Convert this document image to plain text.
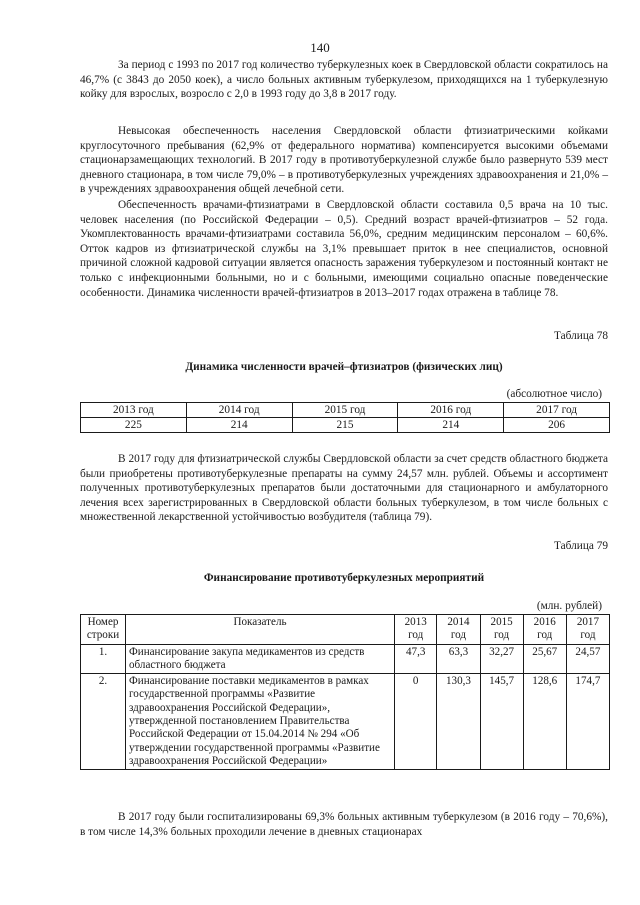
140

За период с 1993 по 2017 год количество туберкулезных коек в Свердловской области сократилось на 46,7% (с 3843 до 2050 коек), а число больных активным туберкулезом, приходящихся на 1 туберкулезную койку для взрослых, возросло с 2,0 в 1993 году до 3,8 в 2017 году.

Невысокая обеспеченность населения Свердловской области фтизиатрическими койками круглосуточного пребывания (62,9% от федерального норматива) компенсируется высокими объемами стационарзамещающих технологий. В 2017 году в противотуберкулезной службе было развернуто 539 мест дневного стационара, в том числе 79,0% – в противотуберкулезных учреждениях здравоохранения и 21,0% – в учреждениях здравоохранения общей лечебной сети.

Обеспеченность врачами-фтизиатрами в Свердловской области составила 0,5 врача на 10 тыс. человек населения (по Российской Федерации – 0,5). Средний возраст врачей-фтизиатров – 52 года. Укомплектованность врачами-фтизиатрами составила 56,0%, средним медицинским персоналом – 60,6%. Отток кадров из фтизиатрической службы на 3,1% превышает приток в нее специалистов, основной причиной сложной кадровой ситуации является опасность заражения туберкулезом и постоянный контакт не только с инфекционными больными, но и с больными, имеющими социально опасные поведенческие особенности. Динамика численности врачей-фтизиатров в 2013–2017 годах отражена в таблице 78.

Таблица 78
Динамика численности врачей–фтизиатров (физических лиц)
(абсолютное число)
2013 год	2014 год	2015 год	2016 год	2017 год
225	214	215	214	206

В 2017 году для фтизиатрической службы Свердловской области за счет средств областного бюджета были приобретены противотуберкулезные препараты на сумму 24,57 млн. рублей. Объемы и ассортимент полученных противотуберкулезных препаратов были достаточными для стационарного и амбулаторного лечения всех зарегистрированных в Свердловской области больных туберкулезом, в том числе больных с множественной лекарственной устойчивостью возбудителя (таблица 79).

Таблица 79
Финансирование противотуберкулезных мероприятий
(млн. рублей)
Номер строки	Показатель	2013 год	2014 год	2015 год	2016 год	2017 год
1.	Финансирование закупа медикаментов из средств областного бюджета	47,3	63,3	32,27	25,67	24,57
2.	Финансирование поставки медикаментов в рамках государственной программы «Развитие здравоохранения Российской Федерации», утвержденной постановлением Правительства Российской Федерации от 15.04.2014 № 294 «Об утверждении государственной программы «Развитие здравоохранения Российской Федерации»	0	130,3	145,7	128,6	174,7

В 2017 году были госпитализированы 69,3% больных активным туберкулезом (в 2016 году – 70,6%), в том числе 14,3% больных проходили лечение в дневных стационарах
